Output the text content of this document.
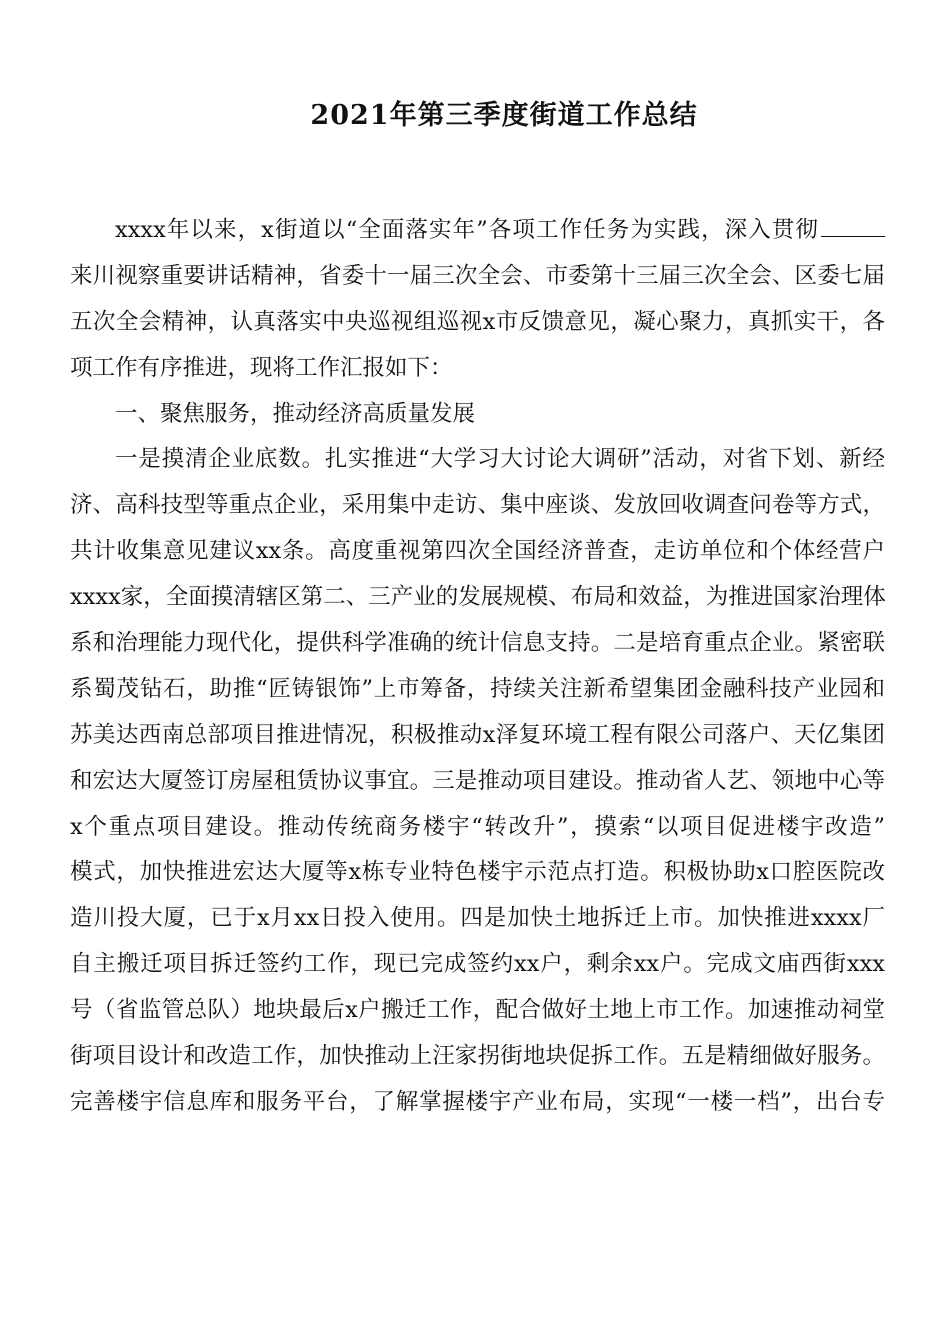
2021年第三季度街道工作总结
xxxx年以来，x街道以“全面落实年”各项工作任务为实践，深入贯彻
来川视察重要讲话精神，省委十一届三次全会、市委第十三届三次全会、区委七届
五次全会精神，认真落实中央巡视组巡视x市反馈意见，凝心聚力，真抓实干，各
项工作有序推进，现将工作汇报如下：
一、聚焦服务，推动经济高质量发展
一是摸清企业底数。扎实推进“大学习大讨论大调研”活动，对省下划、新经
济、高科技型等重点企业，采用集中走访、集中座谈、发放回收调查问卷等方式，
共计收集意见建议xx条。高度重视第四次全国经济普查，走访单位和个体经营户
xxxx家，全面摸清辖区第二、三产业的发展规模、布局和效益，为推进国家治理体
系和治理能力现代化，提供科学准确的统计信息支持。二是培育重点企业。紧密联
系蜀茂钻石，助推“匠铸银饰”上市筹备，持续关注新希望集团金融科技产业园和
苏美达西南总部项目推进情况，积极推动x泽复环境工程有限公司落户、天亿集团
和宏达大厦签订房屋租赁协议事宜。三是推动项目建设。推动省人艺、领地中心等
x个重点项目建设。推动传统商务楼宇“转改升”，摸索“以项目促进楼宇改造”
模式，加快推进宏达大厦等x栋专业特色楼宇示范点打造。积极协助x口腔医院改
造川投大厦，已于x月xx日投入使用。四是加快土地拆迁上市。加快推进xxxx厂
自主搬迁项目拆迁签约工作，现已完成签约xx户，剩余xx户。完成文庙西街xxx
号（省监管总队）地块最后x户搬迁工作，配合做好土地上市工作。加速推动祠堂
街项目设计和改造工作，加快推动上汪家拐街地块促拆工作。五是精细做好服务。
完善楼宇信息库和服务平台，了解掌握楼宇产业布局，实现“一楼一档”，出台专
